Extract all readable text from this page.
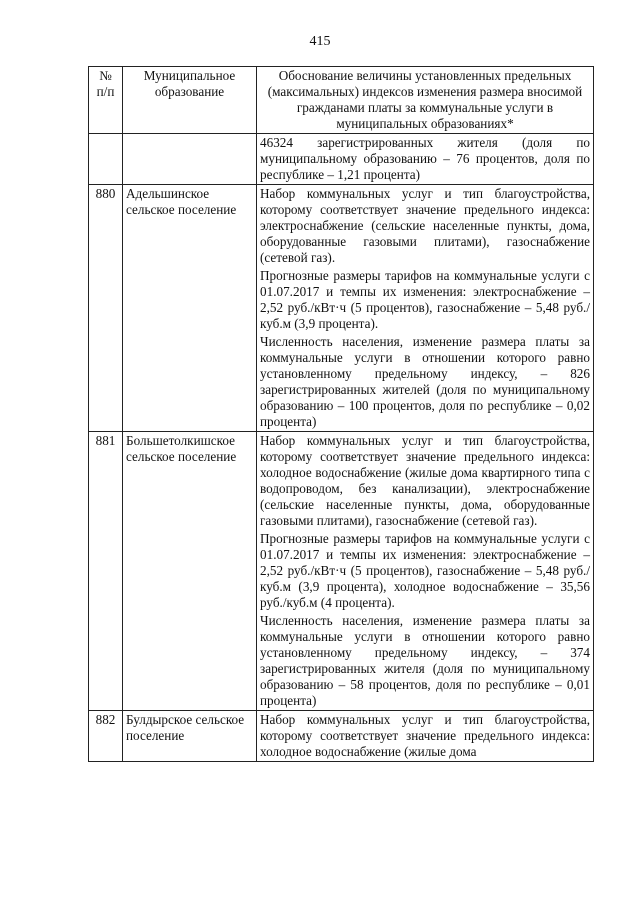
415
№
п/п	Муниципальное образование	Обоснование величины установленных предельных (максимальных) индексов изменения размера вносимой гражданами платы за коммунальные услуги в муниципальных образованиях*

		46324 зарегистрированных жителя (доля по муниципальному образованию – 76 процентов, доля по республике – 1,21 процента)

880	Адельшинское сельское поселение	Набор коммунальных услуг и тип благоустройства, которому соответствует значение предельного индекса: электроснабжение (сельские населенные пункты, дома, оборудованные газовыми плитами), газоснабжение (сетевой газ).

Прогнозные размеры тарифов на коммунальные услуги с 01.07.2017 и темпы их изменения: электроснабжение – 2,52 руб./кВт·ч (5 процентов), газоснабжение – 5,48 руб./куб.м (3,9 процента).

Численность населения, изменение размера платы за коммунальные услуги в отношении которого равно установленному предельному индексу, – 826 зарегистрированных жителей (доля по муниципальному образованию – 100 процентов, доля по республике – 0,02 процента)

881	Большетолкишское сельское поселение	Набор коммунальных услуг и тип благоустройства, которому соответствует значение предельного индекса: холодное водоснабжение (жилые дома квартирного типа с водопроводом, без канализации), электроснабжение (сельские населенные пункты, дома, оборудованные газовыми плитами), газоснабжение (сетевой газ).

Прогнозные размеры тарифов на коммунальные услуги с 01.07.2017 и темпы их изменения: электроснабжение – 2,52 руб./кВт·ч (5 процентов), газоснабжение – 5,48 руб./куб.м (3,9 процента), холодное водоснабжение – 35,56 руб./куб.м (4 процента).

Численность населения, изменение размера платы за коммунальные услуги в отношении которого равно установленному предельному индексу, – 374 зарегистрированных жителя (доля по муниципальному образованию – 58 процентов, доля по республике – 0,01 процента)

882	Булдырское сельское поселение	Набор коммунальных услуг и тип благоустройства, которому соответствует значение предельного индекса: холодное водоснабжение (жилые дома
